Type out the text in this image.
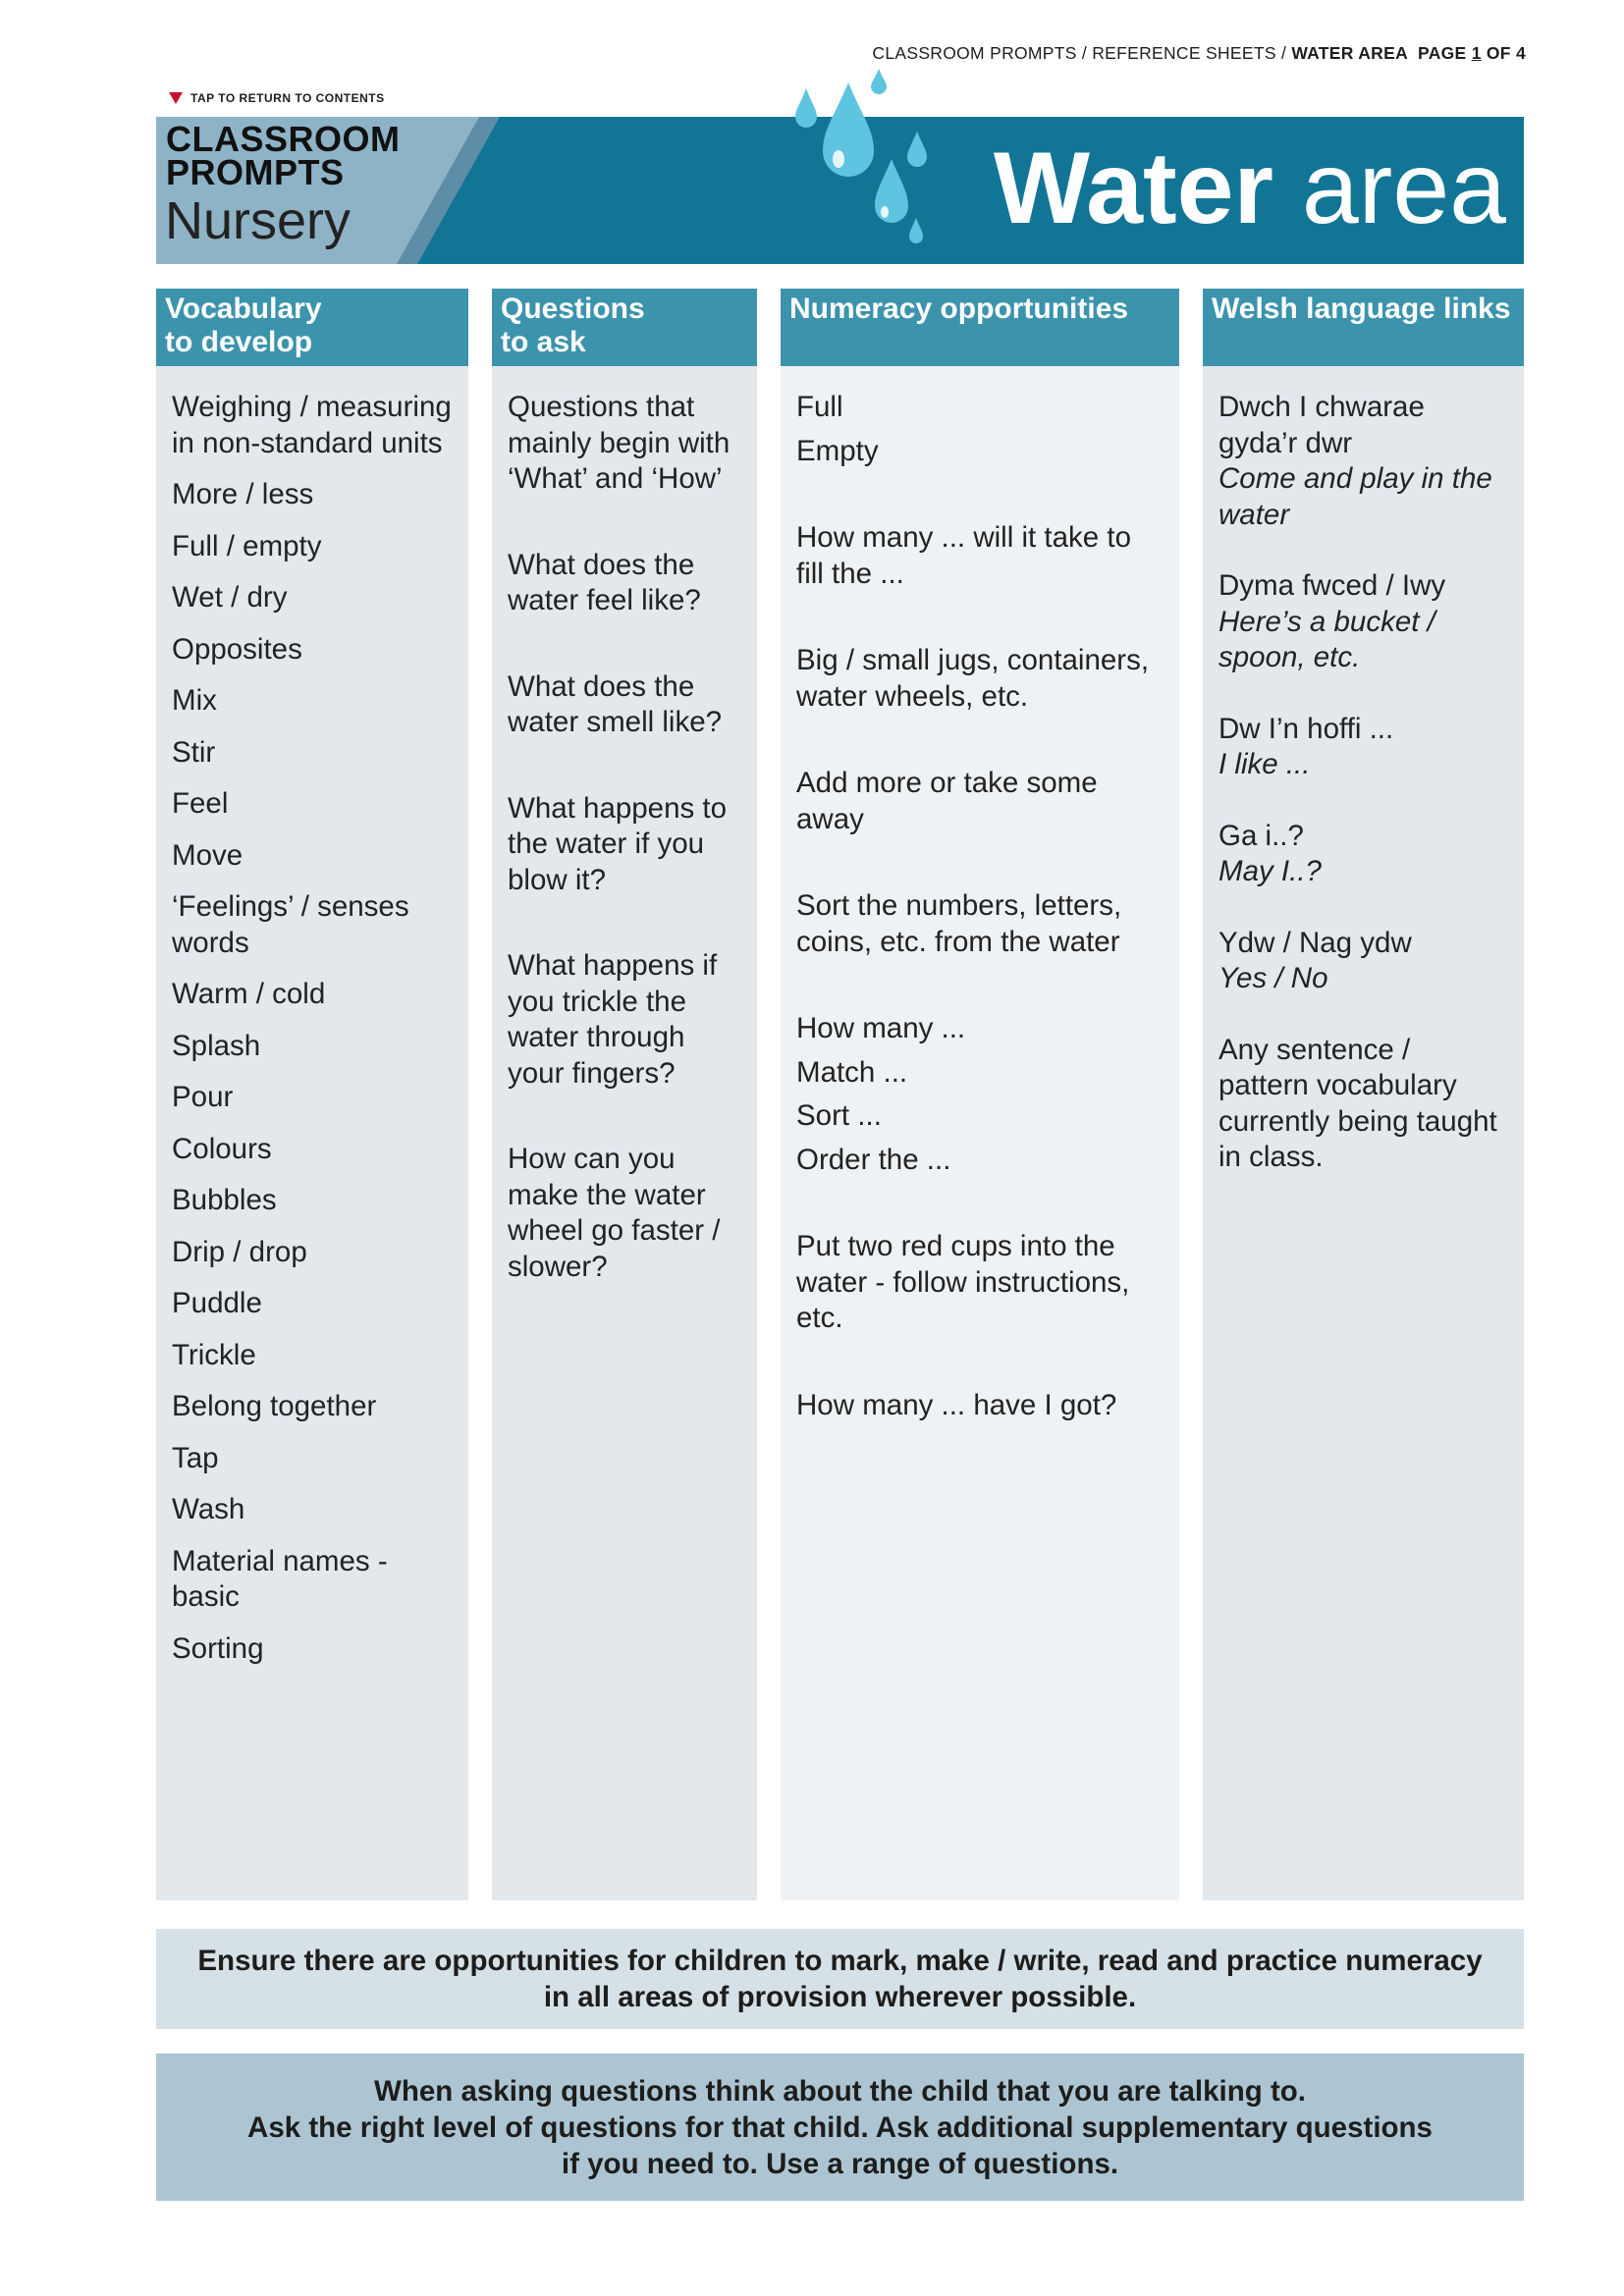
CLASSROOM PROMPTS / REFERENCE SHEETS / WATER AREA PAGE 1 OF 4
TAP TO RETURN TO CONTENTS
CLASSROOM
PROMPTS
Nursery	Water area
Vocabulary
to develop
Weighing / measuring in non-standard units
More / less
Full / empty
Wet / dry
Opposites
Mix
Stir
Feel
Move
‘Feelings’ / senses words
Warm / cold
Splash
Pour
Colours
Bubbles
Drip / drop
Puddle
Trickle
Belong together
Tap
Wash
Material names - basic
Sorting
Questions
to ask
Questions that mainly begin with ‘What’ and ‘How’
What does the water feel like?
What does the water smell like?
What happens to the water if you blow it?
What happens if you trickle the water through your fingers?
How can you make the water wheel go faster / slower?
Numeracy opportunities
Full
Empty
How many ... will it take to fill the ...
Big / small jugs, containers, water wheels, etc.
Add more or take some away
Sort the numbers, letters, coins, etc. from the water
How many ...
Match ...
Sort ...
Order the ...
Put two red cups into the water - follow instructions, etc.
How many ... have I got?
Welsh language links
Dwch I chwarae gyda’r dwr
Come and play in the water
Dyma fwced / Iwy
Here’s a bucket / spoon, etc.
Dw I’n hoffi ...
I like ...
Ga i..?
May I..?
Ydw / Nag ydw
Yes / No
Any sentence / pattern vocabulary currently being taught in class.
Ensure there are opportunities for children to mark, make / write, read and practice numeracy
in all areas of provision wherever possible.
When asking questions think about the child that you are talking to.
Ask the right level of questions for that child. Ask additional supplementary questions
if you need to. Use a range of questions.
